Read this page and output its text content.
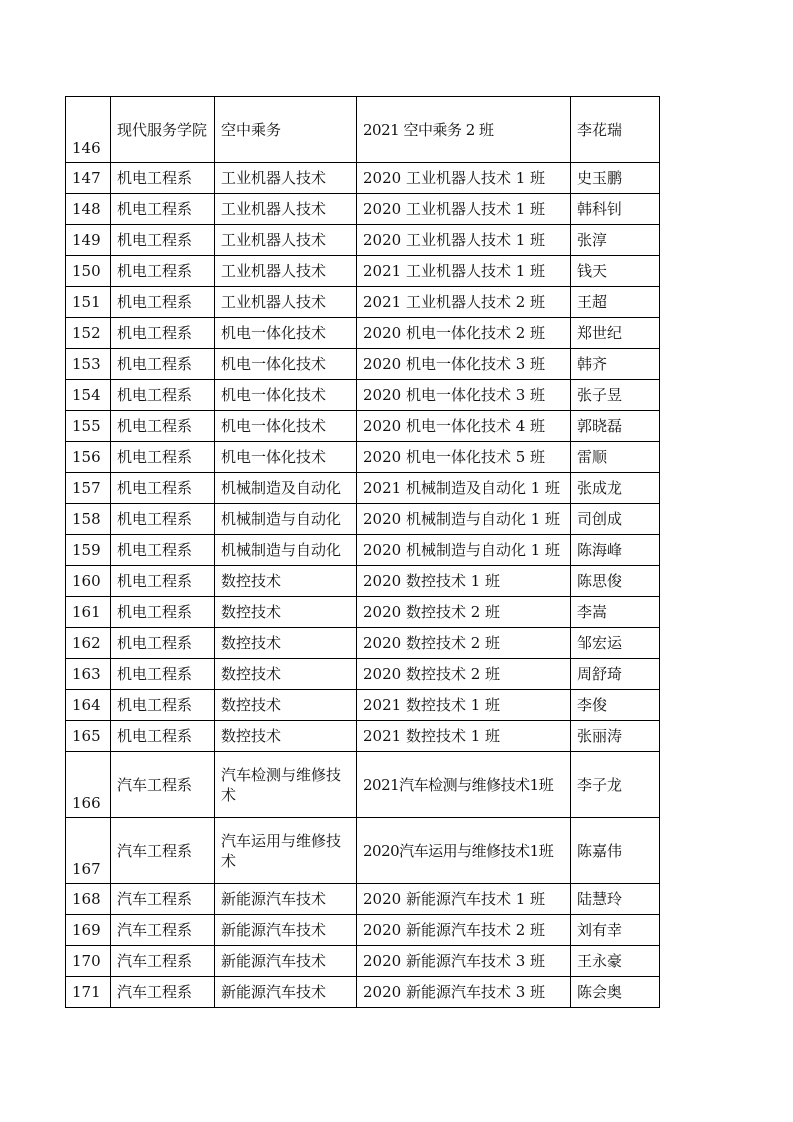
146	现代服务学院	空中乘务	2021 空中乘务 2 班	李花瑞
147	机电工程系	工业机器人技术	2020 工业机器人技术 1 班	史玉鹏
148	机电工程系	工业机器人技术	2020 工业机器人技术 1 班	韩科钊
149	机电工程系	工业机器人技术	2020 工业机器人技术 1 班	张淳
150	机电工程系	工业机器人技术	2021 工业机器人技术 1 班	钱天
151	机电工程系	工业机器人技术	2021 工业机器人技术 2 班	王超
152	机电工程系	机电一体化技术	2020 机电一体化技术 2 班	郑世纪
153	机电工程系	机电一体化技术	2020 机电一体化技术 3 班	韩齐
154	机电工程系	机电一体化技术	2020 机电一体化技术 3 班	张子昱
155	机电工程系	机电一体化技术	2020 机电一体化技术 4 班	郭晓磊
156	机电工程系	机电一体化技术	2020 机电一体化技术 5 班	雷顺
157	机电工程系	机械制造及自动化	2021 机械制造及自动化 1 班	张成龙
158	机电工程系	机械制造与自动化	2020 机械制造与自动化 1 班	司创成
159	机电工程系	机械制造与自动化	2020 机械制造与自动化 1 班	陈海峰
160	机电工程系	数控技术	2020 数控技术 1 班	陈思俊
161	机电工程系	数控技术	2020 数控技术 2 班	李嵩
162	机电工程系	数控技术	2020 数控技术 2 班	邹宏运
163	机电工程系	数控技术	2020 数控技术 2 班	周舒琦
164	机电工程系	数控技术	2021 数控技术 1 班	李俊
165	机电工程系	数控技术	2021 数控技术 1 班	张丽涛
166	汽车工程系	汽车检测与维修技术	2021汽车检测与维修技术1班	李子龙
167	汽车工程系	汽车运用与维修技术	2020汽车运用与维修技术1班	陈嘉伟
168	汽车工程系	新能源汽车技术	2020 新能源汽车技术 1 班	陆慧玲
169	汽车工程系	新能源汽车技术	2020 新能源汽车技术 2 班	刘有幸
170	汽车工程系	新能源汽车技术	2020 新能源汽车技术 3 班	王永豪
171	汽车工程系	新能源汽车技术	2020 新能源汽车技术 3 班	陈会奥
